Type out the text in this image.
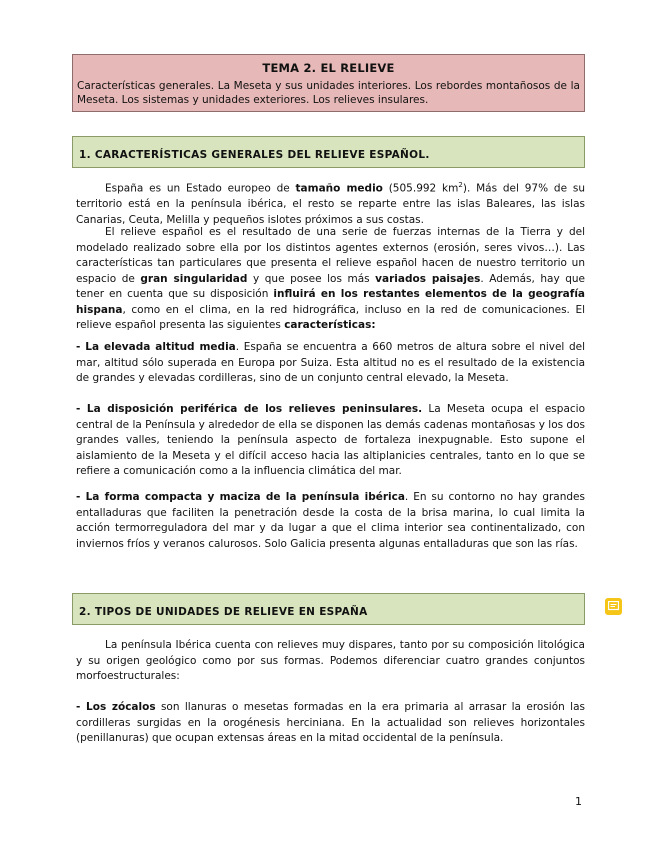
TEMA 2. EL RELIEVE
Características generales. La Meseta y sus unidades interiores. Los rebordes montañosos de la Meseta. Los sistemas y unidades exteriores. Los relieves insulares.
1. CARACTERÍSTICAS GENERALES DEL RELIEVE ESPAÑOL.
España es un Estado europeo de tamaño medio (505.992 $km^2$). Más del 97% de su territorio está en la península ibérica, el resto se reparte entre las islas Baleares, las islas Canarias, Ceuta, Melilla y pequeños islotes próximos a sus costas.
El relieve español es el resultado de una serie de fuerzas internas de la Tierra y del modelado realizado sobre ella por los distintos agentes externos (erosión, seres vivos…). Las características tan particulares que presenta el relieve español hacen de nuestro territorio un espacio de gran singularidad y que posee los más variados paisajes. Además, hay que tener en cuenta que su disposición influirá en los restantes elementos de la geografía hispana, como en el clima, en la red hidrográfica, incluso en la red de comunicaciones. El relieve español presenta las siguientes características:
- La elevada altitud media. España se encuentra a 660 metros de altura sobre el nivel del mar, altitud sólo superada en Europa por Suiza. Esta altitud no es el resultado de la existencia de grandes y elevadas cordilleras, sino de un conjunto central elevado, la Meseta.
- La disposición periférica de los relieves peninsulares. La Meseta ocupa el espacio central de la Península y alrededor de ella se disponen las demás cadenas montañosas y los dos grandes valles, teniendo la península aspecto de fortaleza inexpugnable. Esto supone el aislamiento de la Meseta y el difícil acceso hacia las altiplanicies centrales, tanto en lo que se refiere a comunicación como a la influencia climática del mar.
- La forma compacta y maciza de la península ibérica. En su contorno no hay grandes entalladuras que faciliten la penetración desde la costa de la brisa marina, lo cual limita la acción termorreguladora del mar y da lugar a que el clima interior sea continentalizado, con inviernos fríos y veranos calurosos. Solo Galicia presenta algunas entalladuras que son las rías.
2. TIPOS DE UNIDADES DE RELIEVE EN ESPAÑA
La península Ibérica cuenta con relieves muy dispares, tanto por su composición litológica y su origen geológico como por sus formas. Podemos diferenciar cuatro grandes conjuntos morfoestructurales:
- Los zócalos son llanuras o mesetas formadas en la era primaria al arrasar la erosión las cordilleras surgidas en la orogénesis herciniana. En la actualidad son relieves horizontales (penillanuras) que ocupan extensas áreas en la mitad occidental de la península.
1
